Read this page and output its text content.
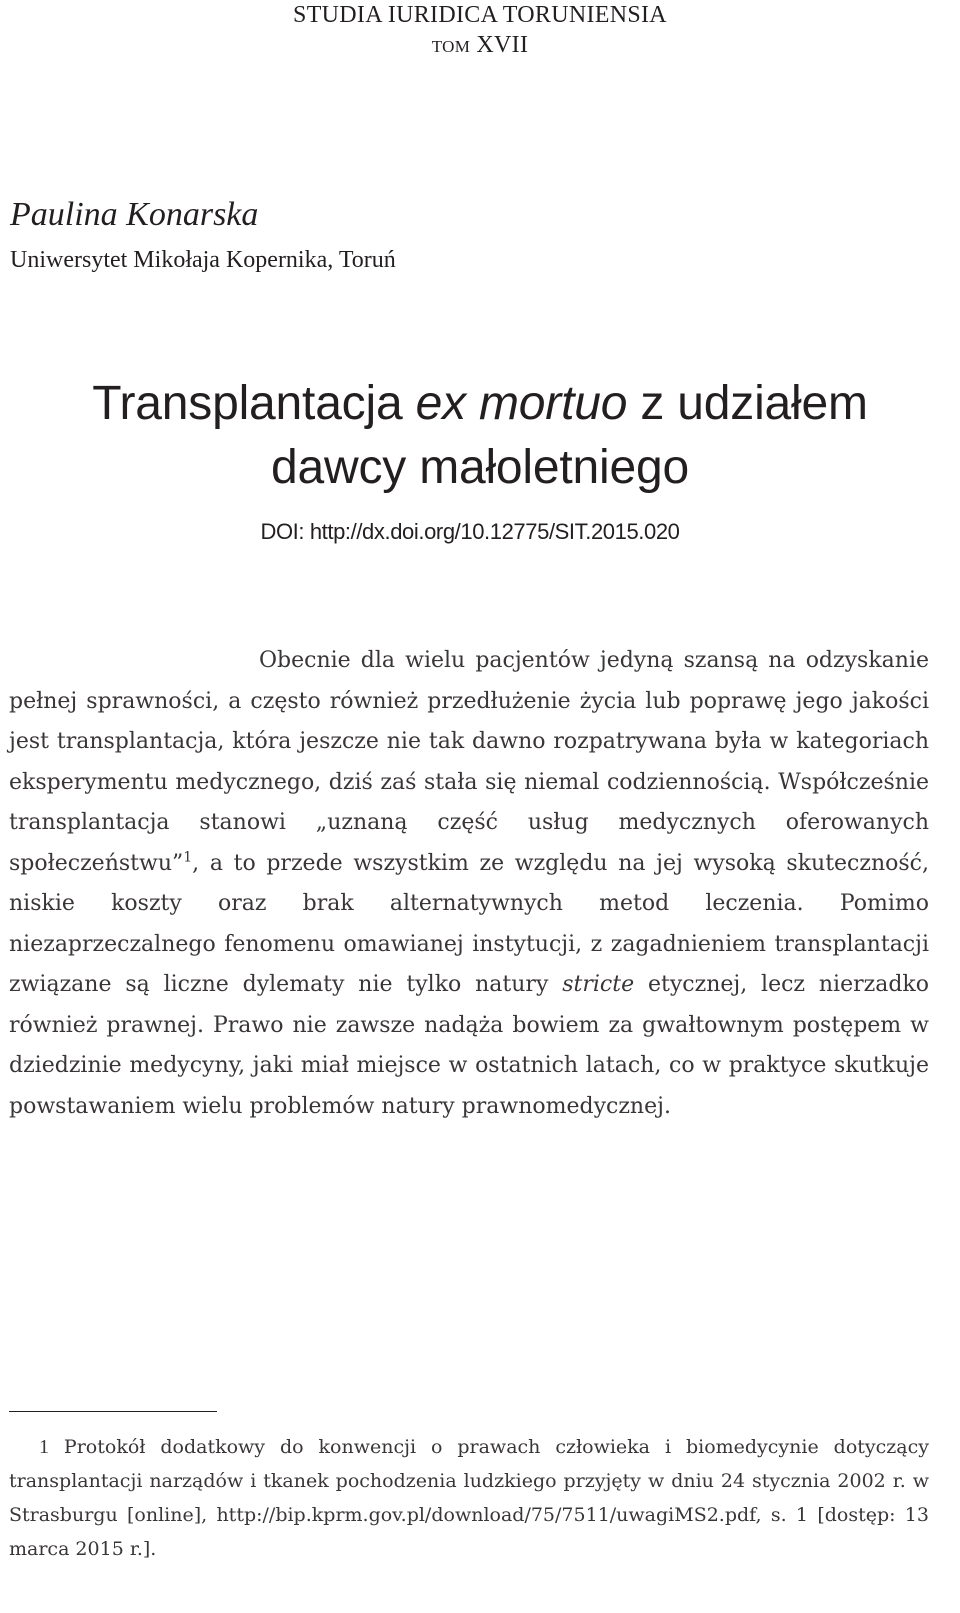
STUDIA IURIDICA TORUNIENSIA
tom XVII
Paulina Konarska
Uniwersytet Mikołaja Kopernika, Toruń
Transplantacja ex mortuo z udziałem
dawcy małoletniego
DOI: http://dx.doi.org/10.12775/SIT.2015.020

Obecnie dla wielu pacjentów jedyną szansą na odzyskanie pełnej sprawności, a często również przedłużenie życia lub poprawę jego jakości jest transplantacja, która jeszcze nie tak dawno rozpatrywana była w kategoriach eksperymentu medycznego, dziś zaś stała się niemal codziennością. Współcześnie transplantacja stanowi „uznaną część usług medycznych oferowanych społeczeństwu”$^1$, a to przede wszystkim ze względu na jej wysoką skuteczność, niskie koszty oraz brak alternatywnych metod leczenia. Pomimo niezaprzeczalnego fenomenu omawianej instytucji, z zagadnieniem transplantacji związane są liczne dylematy nie tylko natury stricte etycznej, lecz nierzadko również prawnej. Prawo nie zawsze nadąża bowiem za gwałtownym postępem w dziedzinie medycyny, jaki miał miejsce w ostatnich latach, co w praktyce skutkuje powstawaniem wielu problemów natury prawnomedycznej.

1 Protokół dodatkowy do konwencji o prawach człowieka i biomedycynie dotyczący transplantacji narządów i tkanek pochodzenia ludzkiego przyjęty w dniu 24 stycznia 2002 r. w Strasburgu [online], http://bip.kprm.gov.pl/download/75/7511/uwagiMS2.pdf, s. 1 [dostęp: 13 marca 2015 r.].
